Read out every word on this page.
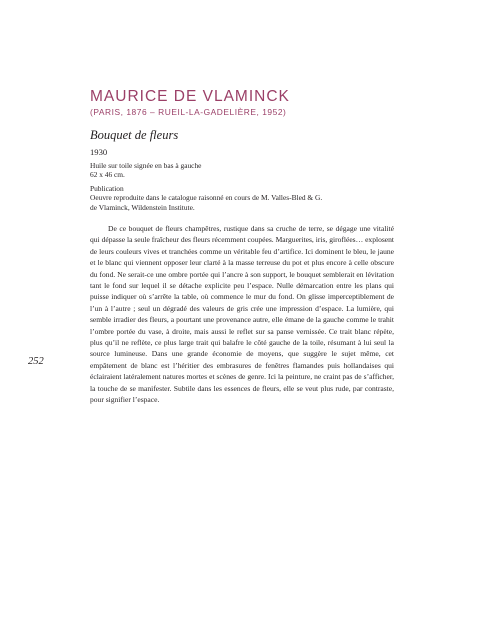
MAURICE DE VLAMINCK
(PARIS, 1876 – RUEIL-LA-GADELIÈRE, 1952)
Bouquet de fleurs
1930
Huile sur toile signée en bas à gauche
62 x 46 cm.
Publication
Oeuvre reproduite dans le catalogue raisonné en cours de M. Valles-Bled & G.
de Vlaminck, Wildenstein Institute.

De ce bouquet de fleurs champêtres, rustique dans sa cruche de terre, se dégage une vitalité qui dépasse la seule fraîcheur des fleurs récemment coupées. Marguerites, iris, giroflées… explosent de leurs couleurs vives et tranchées comme un véritable feu d’artifice. Ici dominent le bleu, le jaune et le blanc qui viennent opposer leur clarté à la masse terreuse du pot et plus encore à celle obscure du fond. Ne serait-ce une ombre portée qui l’ancre à son support, le bouquet semblerait en lévitation tant le fond sur lequel il se détache explicite peu l’espace. Nulle démarcation entre les plans qui puisse indiquer où s’arrête la table, où commence le mur du fond. On glisse imperceptiblement de l’un à l’autre ; seul un dégradé des valeurs de gris crée une impression d’espace. La lumière, qui semble irradier des fleurs, a pourtant une provenance autre, elle émane de la gauche comme le trahit l’ombre portée du vase, à droite, mais aussi le reflet sur sa panse vernissée. Ce trait blanc répète, plus qu’il ne reflète, ce plus large trait qui balafre le côté gauche de la toile, résumant à lui seul la source lumineuse. Dans une grande économie de moyens, que suggère le sujet même, cet empâtement de blanc est l’héritier des embrasures de fenêtres flamandes puis hollandaises qui éclairaient latéralement natures mortes et scènes de genre. Ici la peinture, ne craint pas de s’afficher, la touche de se manifester. Subtile dans les essences de fleurs, elle se veut plus rude, par contraste, pour signifier l’espace.

252
